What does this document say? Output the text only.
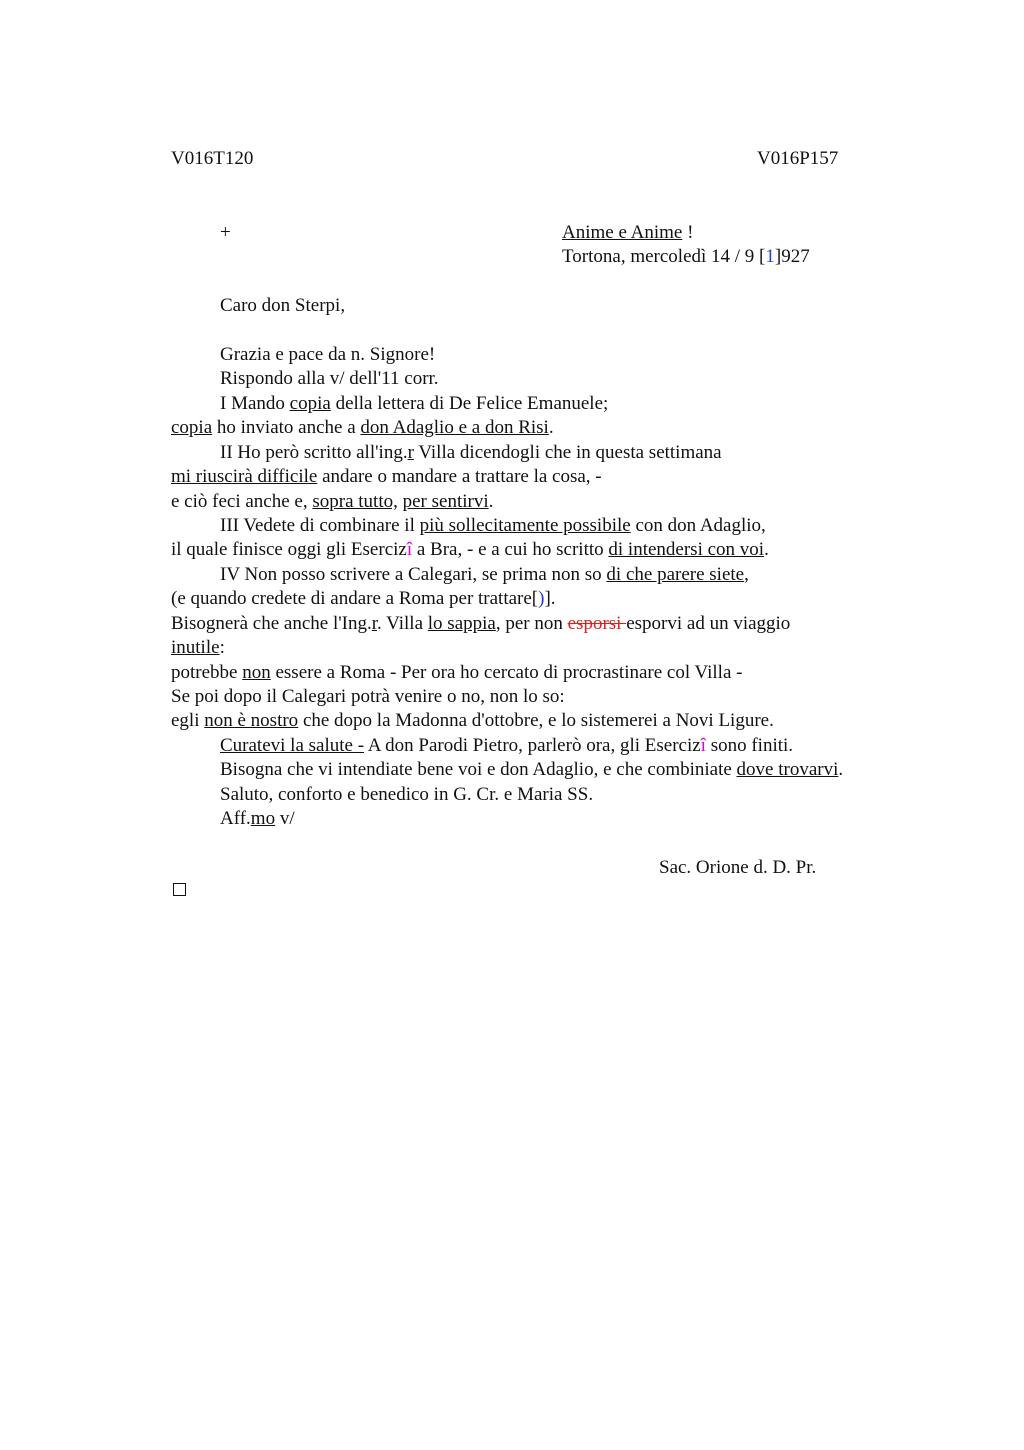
V016T120	V016P157
+	Anime e Anime !
Tortona, mercoledì 14 / 9 [1]927
Caro don Sterpi,
Grazia e pace da n. Signore!
Rispondo alla v/ dell'11 corr.
I Mando copia della lettera di De Felice Emanuele;
copia ho inviato anche a don Adaglio e a don Risi.
II Ho però scritto all'ing.r Villa dicendogli che in questa settimana
mi riuscirà difficile andare o mandare a trattare la cosa, -
e ciò feci anche e, sopra tutto, per sentirvi.
III Vedete di combinare il più sollecitamente possibile con don Adaglio,
il quale finisce oggi gli Esercizî a Bra, - e a cui ho scritto di intendersi con voi.
IV Non posso scrivere a Calegari, se prima non so di che parere siete,
(e quando credete di andare a Roma per trattare[)].
Bisognerà che anche l'Ing.r. Villa lo sappia, per non esporsi esporvi ad un viaggio
inutile:
potrebbe non essere a Roma - Per ora ho cercato di procrastinare col Villa -
Se poi dopo il Calegari potrà venire o no, non lo so:
egli non è nostro che dopo la Madonna d'ottobre, e lo sistemerei a Novi Ligure.
Curatevi la salute - A don Parodi Pietro, parlerò ora, gli Esercizî sono finiti.
Bisogna che vi intendiate bene voi e don Adaglio, e che combiniate dove trovarvi.
Saluto, conforto e benedico in G. Cr. e Maria SS.
Aff.mo v/
Sac. Orione d. D. Pr.
